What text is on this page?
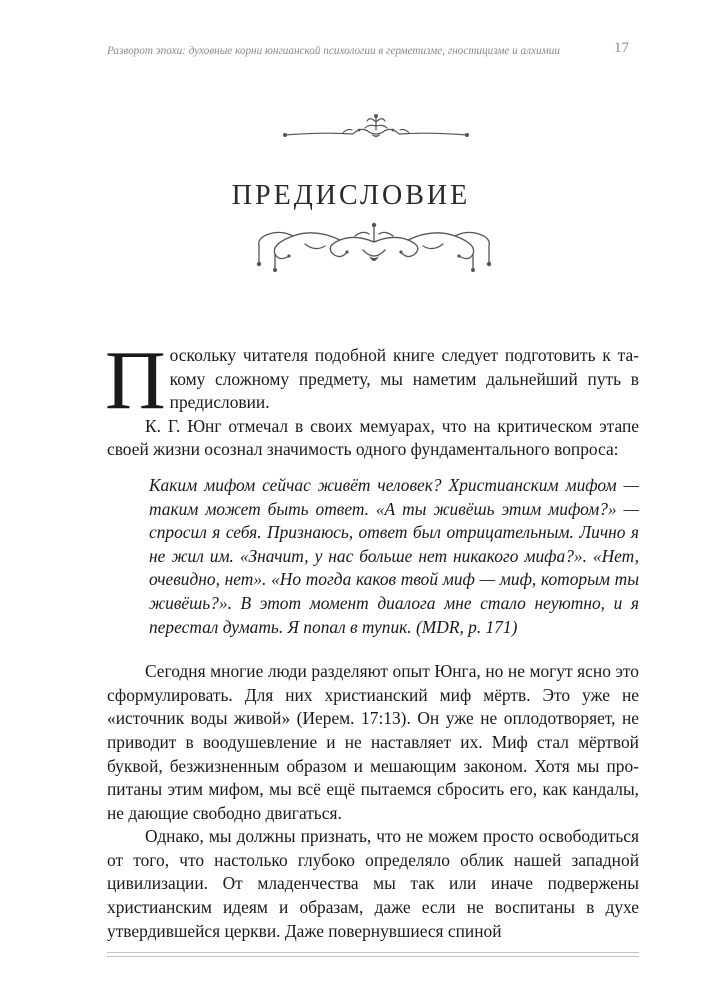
Разворот эпохи: духовные корни юнгианской психологии в герметизме, гностицизме и алхимии	17
ПРЕДИСЛОВИЕ

Поскольку читателя подобной книге следует подготовить к такому сложному предмету, мы наметим дальнейший путь в предисловии.

К. Г. Юнг отмечал в своих мемуарах, что на критическом этапе своей жизни осознал значимость одного фундаментального вопроса:

Каким мифом сейчас живёт человек? Христианским мифом — таким может быть ответ. «А ты живёшь этим мифом?» — спросил я себя. Признаюсь, ответ был отрицательным. Лично я не жил им. «Значит, у нас больше нет никакого мифа?». «Нет, очевидно, нет». «Но тогда каков твой миф — миф, которым ты живёшь?». В этот момент диалога мне стало неуютно, и я перестал думать. Я попал в тупик. (MDR, p. 171)

Сегодня многие люди разделяют опыт Юнга, но не могут ясно это сформулировать. Для них христианский миф мёртв. Это уже не «источник воды живой» (Иерем. 17:13). Он уже не оплодотворяет, не приводит в воодушевление и не наставляет их. Миф стал мёртвой буквой, безжизненным образом и мешающим законом. Хотя мы пропитаны этим мифом, мы всё ещё пытаемся сбросить его, как кандалы, не дающие свободно двигаться.

Однако, мы должны признать, что не можем просто освободиться от того, что настолько глубоко определяло облик нашей западной цивилизации. От младенчества мы так или иначе подвержены христианским идеям и образам, даже если не воспитаны в духе утвердившейся церкви. Даже повернувшиеся спиной
